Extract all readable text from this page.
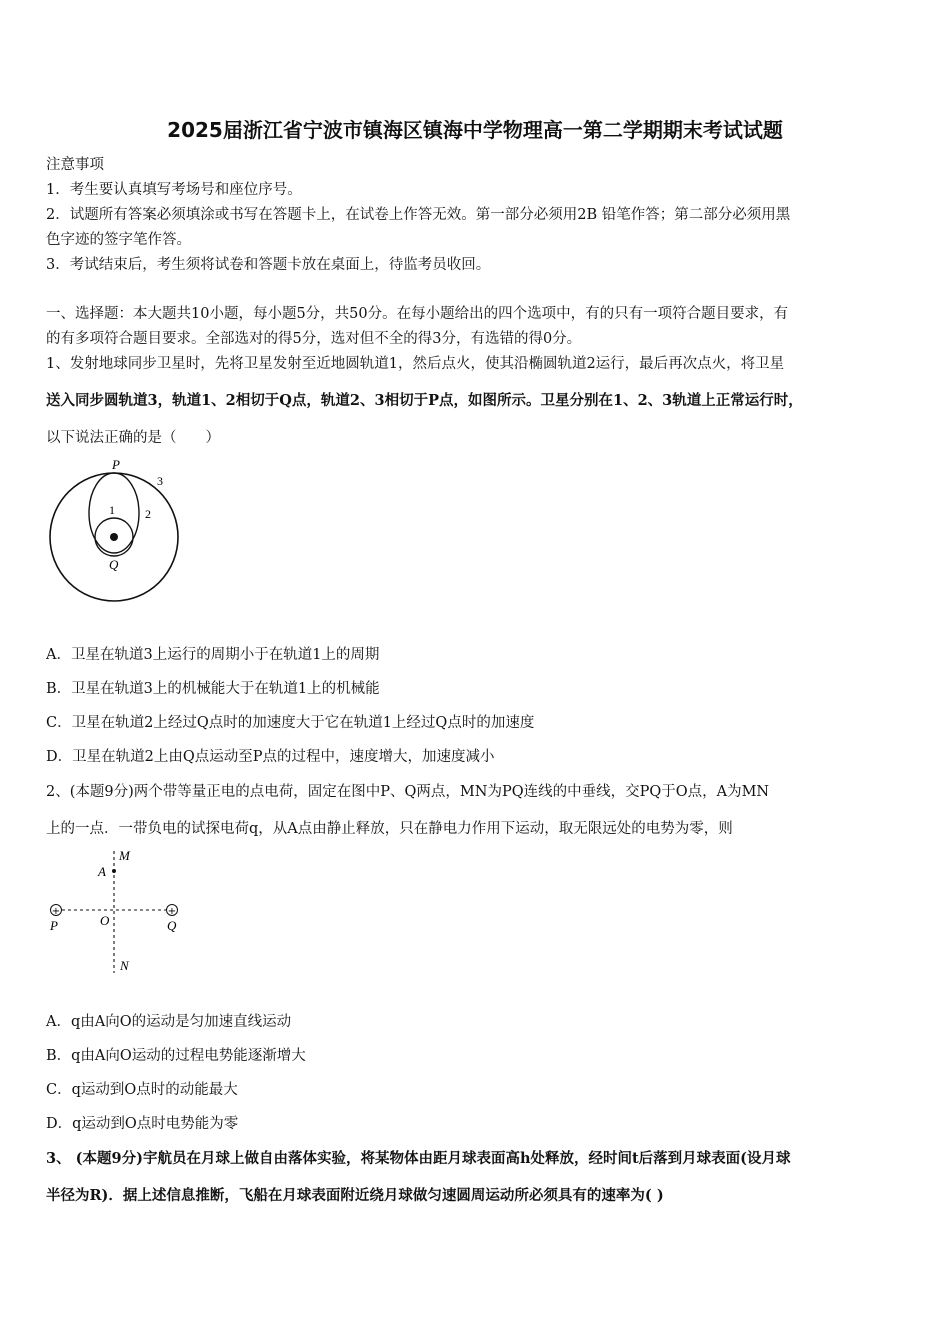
2025届浙江省宁波市镇海区镇海中学物理高一第二学期期末考试试题
注意事项
1．考生要认真填写考场号和座位序号。
2．试题所有答案必须填涂或书写在答题卡上，在试卷上作答无效。第一部分必须用2B 铅笔作答；第二部分必须用黑
色字迹的签字笔作答。
3．考试结束后，考生须将试卷和答题卡放在桌面上，待监考员收回。
一、选择题：本大题共10小题，每小题5分，共50分。在每小题给出的四个选项中，有的只有一项符合题目要求，有
的有多项符合题目要求。全部选对的得5分，选对但不全的得3分，有选错的得0分。
1、发射地球同步卫星时，先将卫星发射至近地圆轨道1，然后点火，使其沿椭圆轨道2运行，最后再次点火，将卫星
送入同步圆轨道3，轨道1、2相切于Q点，轨道2、3相切于P点，如图所示。卫星分别在1、2、3轨道上正常运行时，
以下说法正确的是（　　）
P
Q
1	2
3
A．卫星在轨道3上运行的周期小于在轨道1上的周期
B．卫星在轨道3上的机械能大于在轨道1上的机械能
C．卫星在轨道2上经过Q点时的加速度大于它在轨道1上经过Q点时的加速度
D．卫星在轨道2上由Q点运动至P点的过程中，速度增大，加速度减小
2、(本题9分)两个带等量正电的点电荷，固定在图中P、Q两点，MN为PQ连线的中垂线，交PQ于O点，A为MN
上的一点．一带负电的试探电荷q，从A点由静止释放，只在静电力作用下运动，取无限远处的电势为零，则
+	+
M
A
O
P	Q
N
A．q由A向O的运动是匀加速直线运动
B．q由A向O运动的过程电势能逐渐增大
C．q运动到O点时的动能最大
D．q运动到O点时电势能为零
3、 (本题9分)宇航员在月球上做自由落体实验，将某物体由距月球表面高h处释放，经时间t后落到月球表面(设月球
半径为R)．据上述信息推断，飞船在月球表面附近绕月球做匀速圆周运动所必须具有的速率为( )
